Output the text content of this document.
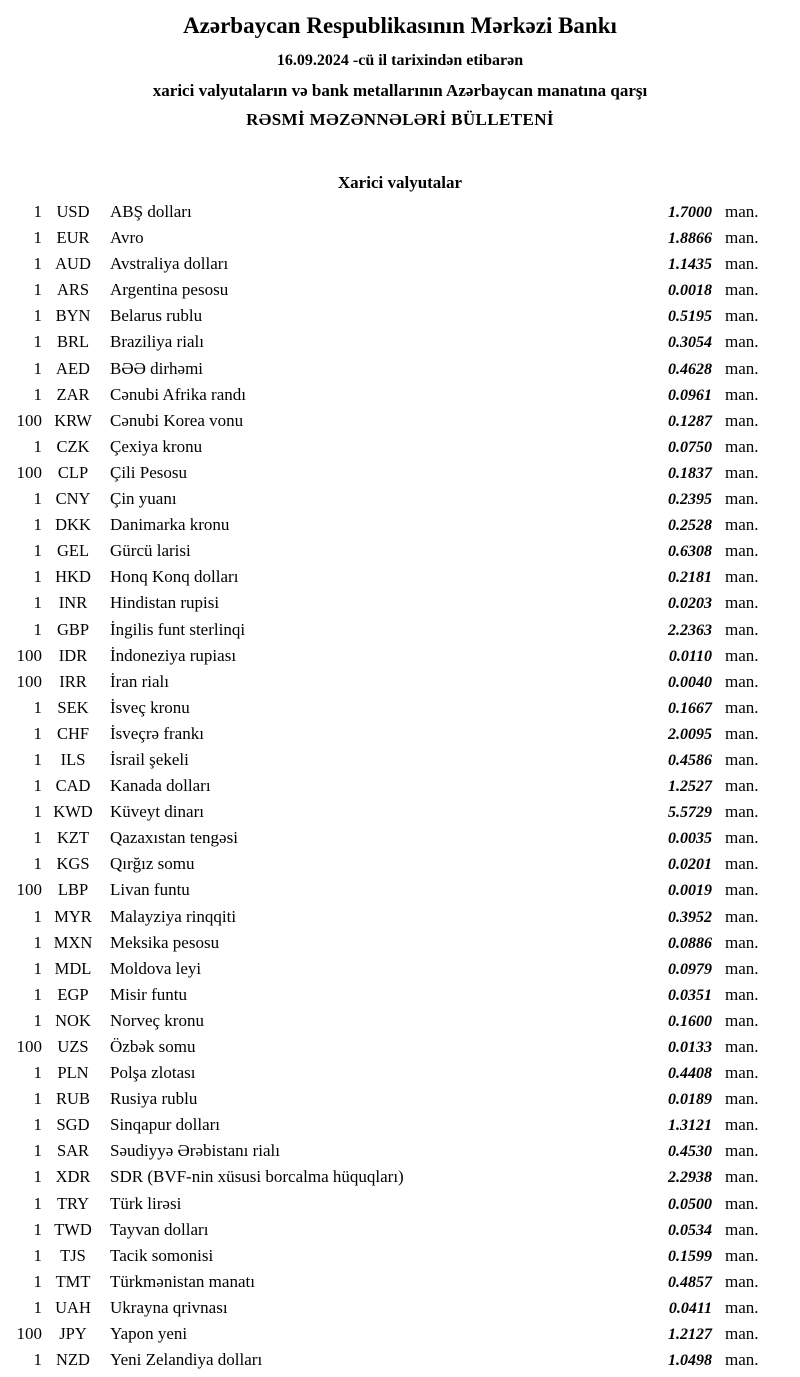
Azərbaycan Respublikasının Mərkəzi Bankı
16.09.2024 -cü il tarixindən etibarən
xarici valyutaların və bank metallarının Azərbaycan manatına qarşı
RƏSMİ MƏZƏNNƏLƏRİ BÜLLETENİ
Xarici valyutalar
1 USD	ABŞ dolları	1.7000 man.
1 EUR	Avro	1.8866 man.
1 AUD	Avstraliya dolları	1.1435 man.
1 ARS	Argentina pesosu	0.0018 man.
1 BYN	Belarus rublu	0.5195 man.
1 BRL	Braziliya rialı	0.3054 man.
1 AED	BƏƏ dirhəmi	0.4628 man.
1 ZAR	Cənubi Afrika randı	0.0961 man.
100 KRW	Cənubi Korea vonu	0.1287 man.
1 CZK	Çexiya kronu	0.0750 man.
100 CLP	Çili Pesosu	0.1837 man.
1 CNY	Çin yuanı	0.2395 man.
1 DKK	Danimarka kronu	0.2528 man.
1 GEL	Gürcü larisi	0.6308 man.
1 HKD	Honq Konq dolları	0.2181 man.
1	INR	Hindistan rupisi	0.0203 man.
1 GBP	İngilis funt sterlinqi	2.2363 man.
100	IDR	İndoneziya rupiası	0.0110 man.
100	IRR	İran rialı	0.0040 man.
1 SEK	İsveç kronu	0.1667 man.
1 CHF	İsveçrə frankı	2.0095 man.
1	ILS	İsrail şekeli	0.4586 man.
1 CAD	Kanada dolları	1.2527 man.
1 KWD	Küveyt dinarı	5.5729 man.
1 KZT	Qazaxıstan tengəsi	0.0035 man.
1 KGS	Qırğız somu	0.0201 man.
100 LBP	Livan funtu	0.0019 man.
1 MYR	Malayziya rinqqiti	0.3952 man.
1 MXN	Meksika pesosu	0.0886 man.
1 MDL	Moldova leyi	0.0979 man.
1 EGP	Misir funtu	0.0351 man.
1 NOK	Norveç kronu	0.1600 man.
100 UZS	Özbək somu	0.0133 man.
1 PLN	Polşa zlotası	0.4408 man.
1 RUB	Rusiya rublu	0.0189 man.
1 SGD	Sinqapur dolları	1.3121 man.
1 SAR	Səudiyyə Ərəbistanı rialı	0.4530 man.
1 XDR	SDR (BVF-nin xüsusi borcalma hüquqları)	2.2938 man.
1 TRY	Türk lirəsi	0.0500 man.
1 TWD	Tayvan dolları	0.0534 man.
1	TJS	Tacik somonisi	0.1599 man.
1 TMT	Türkmənistan manatı	0.4857 man.
1 UAH	Ukrayna qrivnası	0.0411 man.
100	JPY	Yapon yeni	1.2127 man.
1 NZD	Yeni Zelandiya dolları	1.0498 man.
